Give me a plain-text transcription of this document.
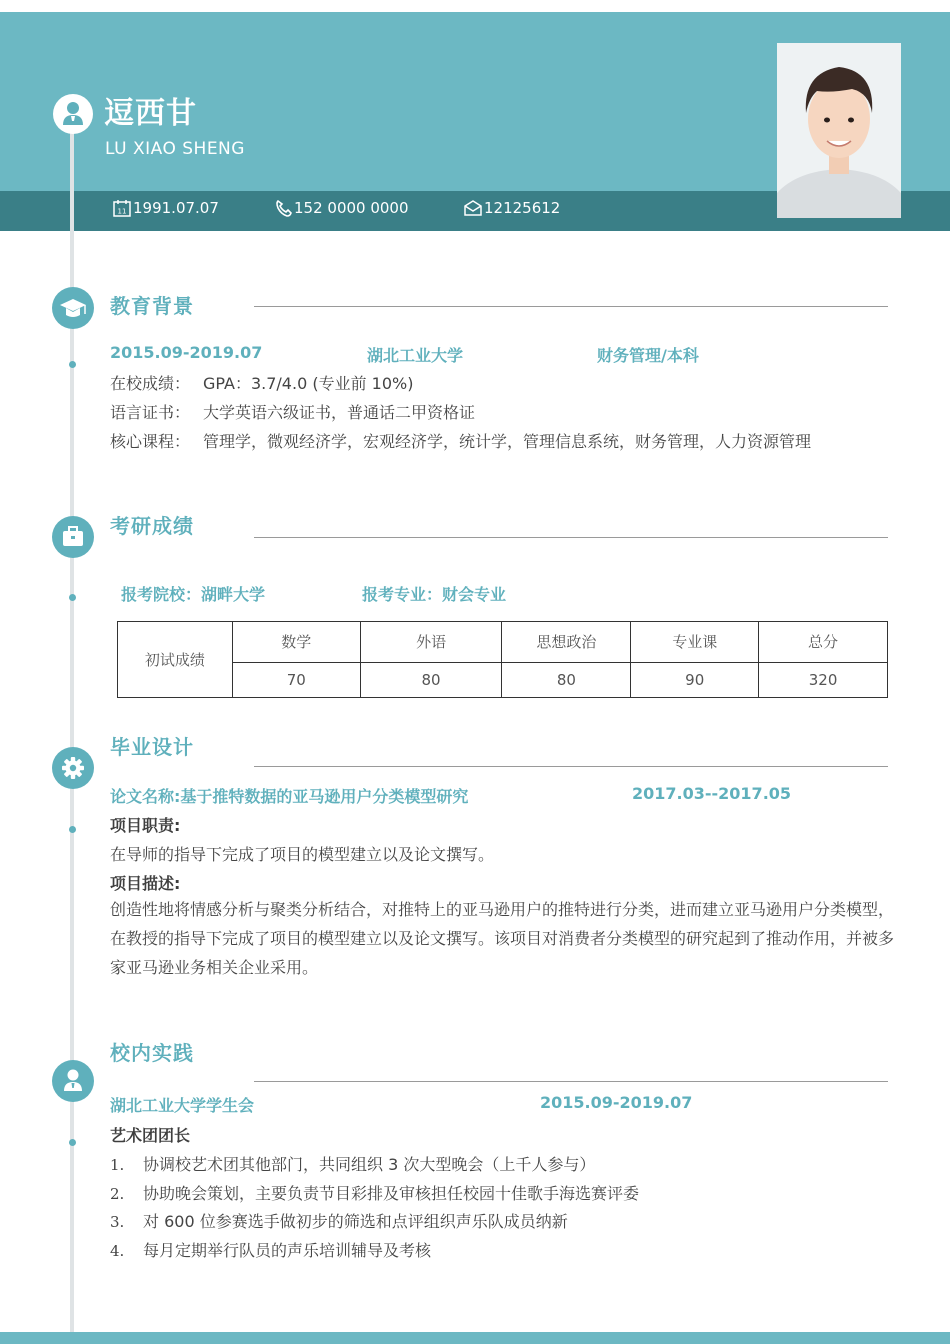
逗西甘
LU XIAO SHENG
11 1991.07.07	152 0000 0000	12125612
教育背景
2015.09-2019.07	湖北工业大学	财务管理/本科
在校成绩： GPA：3.7/4.0 (专业前 10%)
语言证书： 大学英语六级证书，普通话二甲资格证
核心课程： 管理学，微观经济学，宏观经济学，统计学，管理信息系统，财务管理，人力资源管理
考研成绩
报考院校：湖畔大学	报考专业：财会专业
初试成绩	数学	外语	思想政治	专业课	总分
	70	80	80	90	320
毕业设计
论文名称:基于推特数据的亚马逊用户分类模型研究	2017.03--2017.05
项目职责:
在导师的指导下完成了项目的模型建立以及论文撰写。
项目描述:
创造性地将情感分析与聚类分析结合，对推特上的亚马逊用户的推特进行分类，进而建立亚马逊用户分类模型，在教授的指导下完成了项目的模型建立以及论文撰写。该项目对消费者分类模型的研究起到了推动作用，并被多家亚马逊业务相关企业采用。
校内实践
湖北工业大学学生会	2015.09-2019.07
艺术团团长
1. 协调校艺术团其他部门，共同组织 3 次大型晚会（上千人参与）
2. 协助晚会策划，主要负责节目彩排及审核担任校园十佳歌手海选赛评委
3. 对 600 位参赛选手做初步的筛选和点评组织声乐队成员纳新
4. 每月定期举行队员的声乐培训辅导及考核
